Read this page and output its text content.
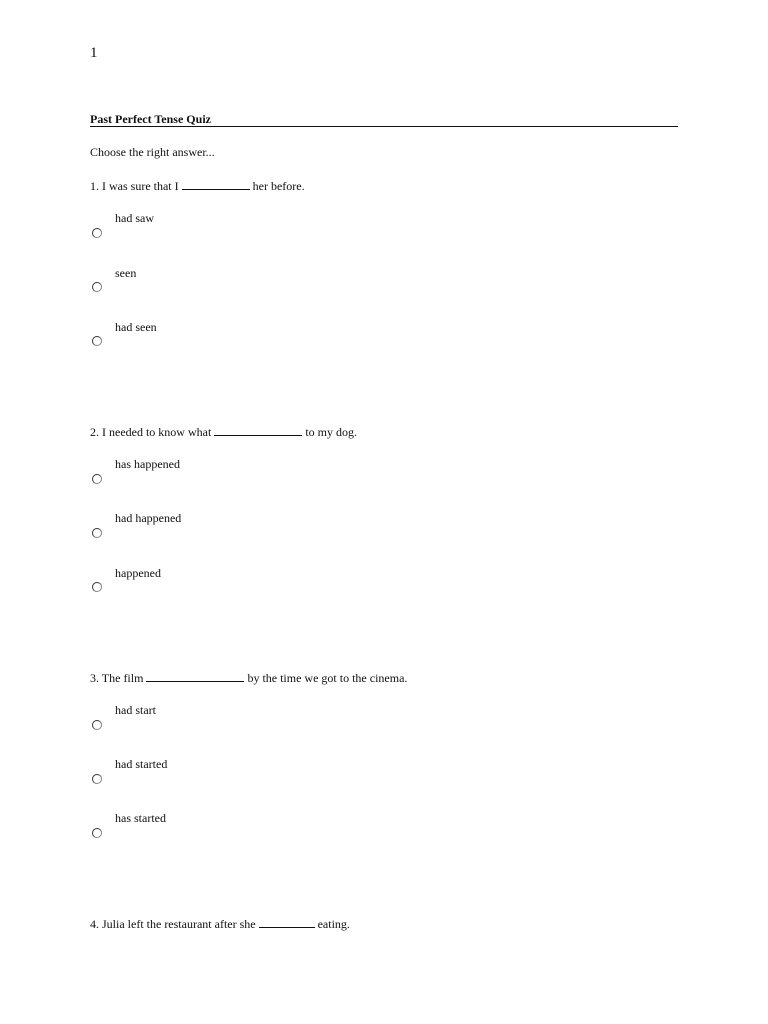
1
Past Perfect Tense Quiz
Choose the right answer...
1. I was sure that I	her before.
had saw
seen
had seen
2. I needed to know what	to my dog.
has happened
had happened
happened
3. The film	by the time we got to the cinema.
had start
had started
has started
4. Julia left the restaurant after she	eating.
